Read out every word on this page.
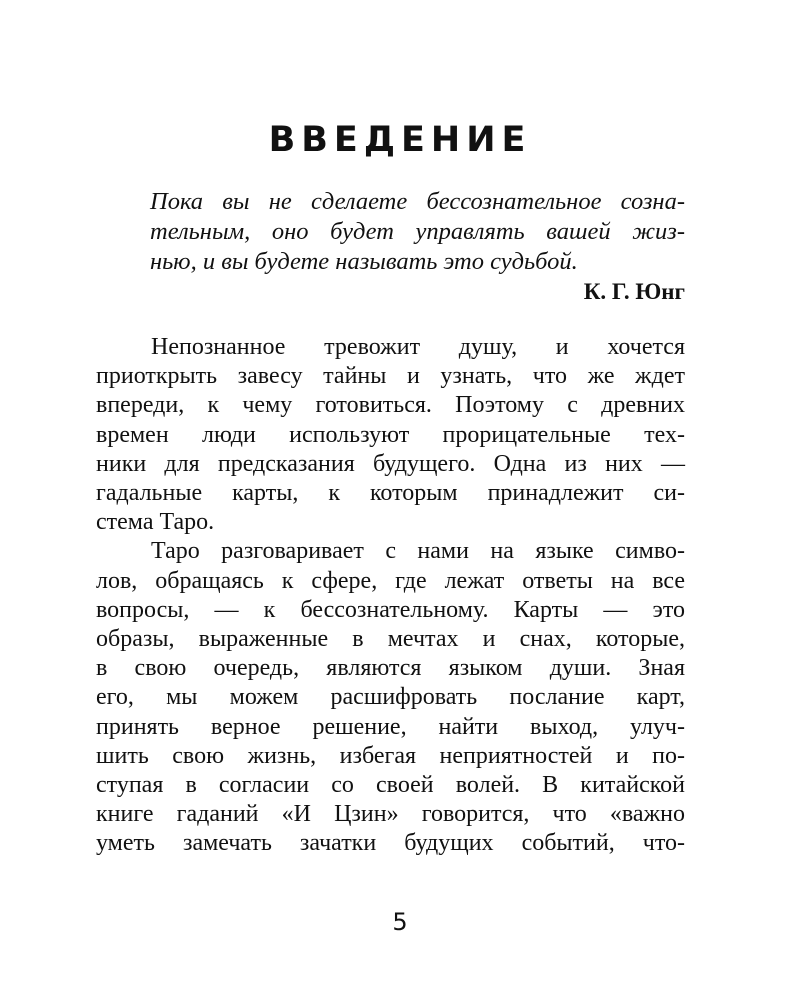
ВВЕДЕНИЕ
Пока вы не сделаете бессознательное созна-
тельным, оно будет управлять вашей жиз-
нью, и вы будете называть это судьбой.
К. Г. Юнг
Непознанное тревожит душу, и хочется
приоткрыть завесу тайны и узнать, что же ждет
впереди, к чему готовиться. Поэтому с древних
времен люди используют прорицательные тех-
ники для предсказания будущего. Одна из них —
гадальные карты, к которым принадлежит си-
стема Таро.
Таро разговаривает с нами на языке симво-
лов, обращаясь к сфере, где лежат ответы на все
вопросы, — к бессознательному. Карты — это
образы, выраженные в мечтах и снах, которые,
в свою очередь, являются языком души. Зная
его, мы можем расшифровать послание карт,
принять верное решение, найти выход, улуч-
шить свою жизнь, избегая неприятностей и по-
ступая в согласии со своей волей. В китайской
книге гаданий «И Цзин» говорится, что «важно
уметь замечать зачатки будущих событий, что-
5
